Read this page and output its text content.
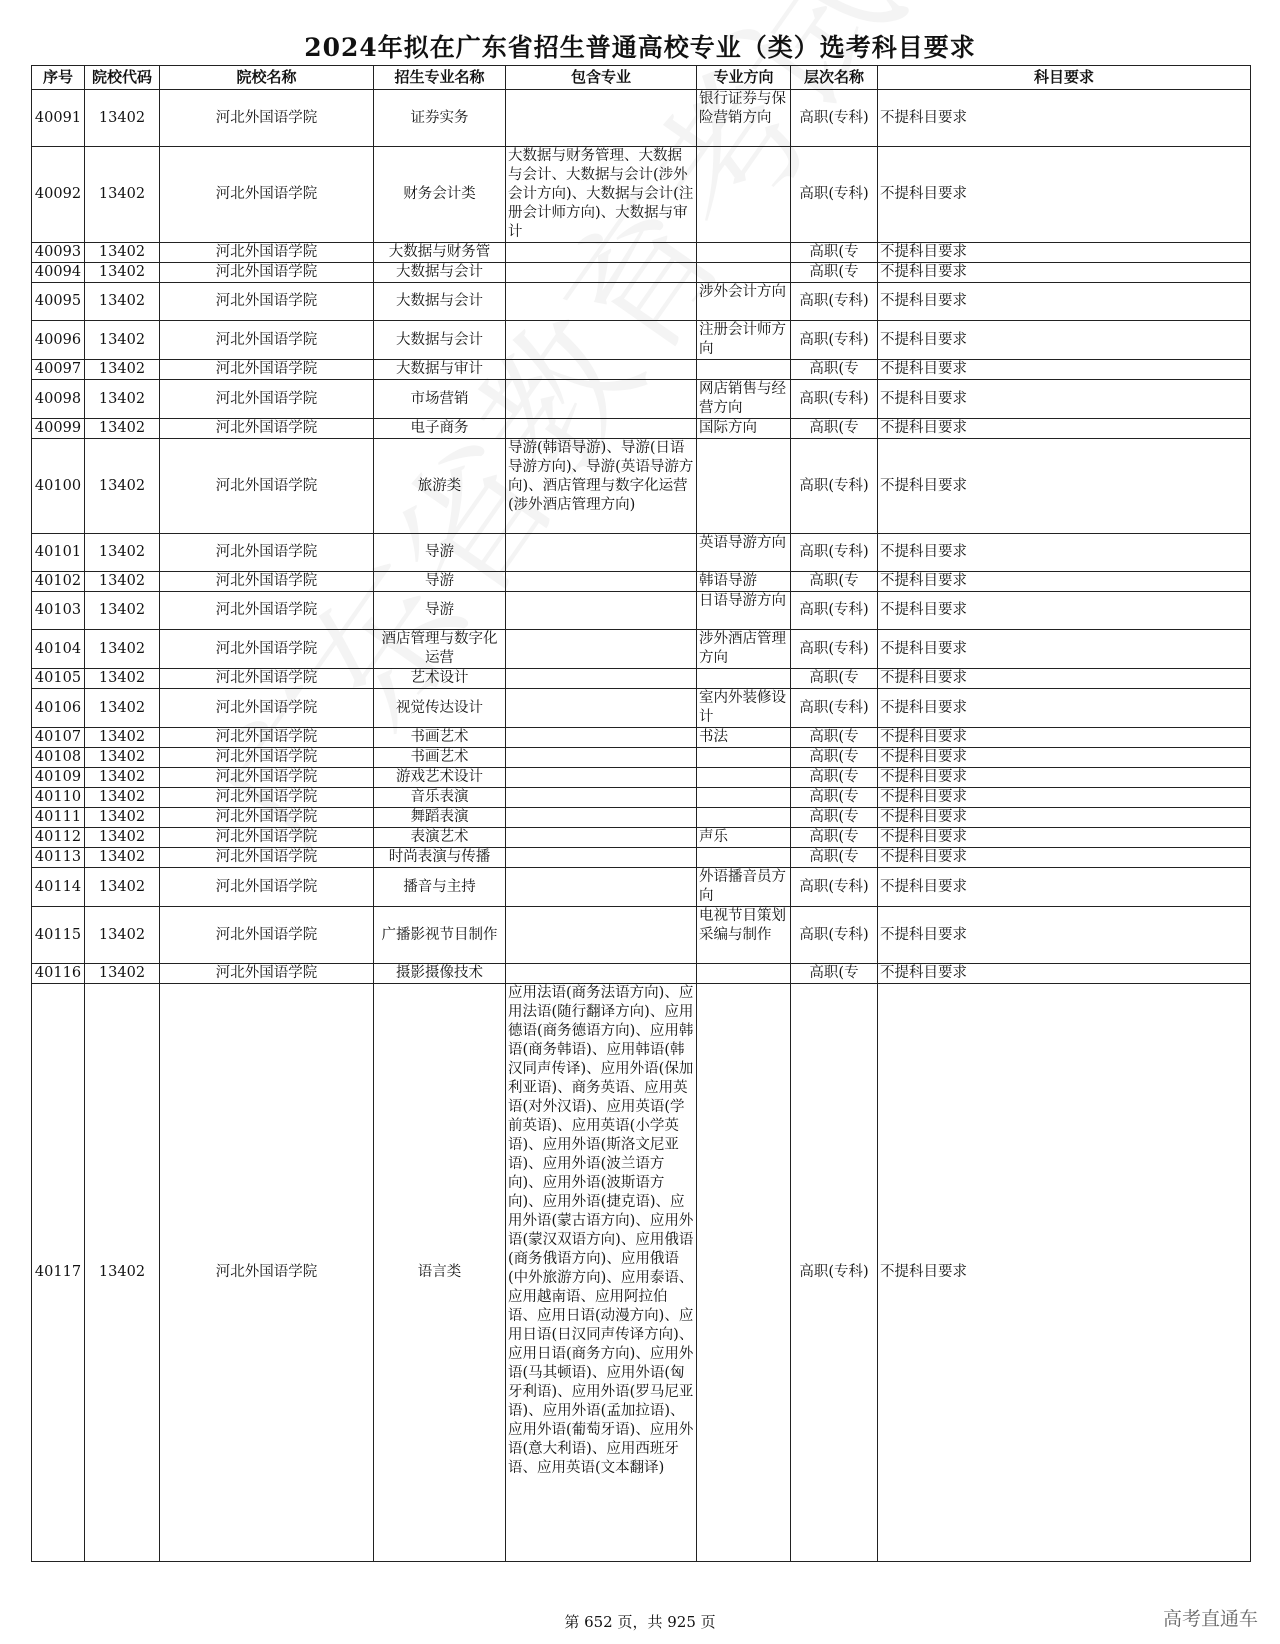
2024年拟在广东省招生普通高校专业（类）选考科目要求
序号	院校代码	院校名称	招生专业名称	包含专业	专业方向	层次名称	科目要求
40091	13402	河北外国语学院	证券实务		银行证券与保险营销方向	高职(专科)	不提科目要求
40092	13402	河北外国语学院	财务会计类	大数据与财务管理、大数据与会计、大数据与会计(涉外会计方向)、大数据与会计(注册会计师方向)、大数据与审计		高职(专科)	不提科目要求
40093	13402	河北外国语学院	大数据与财务管			高职(专	不提科目要求
40094	13402	河北外国语学院	大数据与会计			高职(专	不提科目要求
40095	13402	河北外国语学院	大数据与会计		涉外会计方向	高职(专科)	不提科目要求
40096	13402	河北外国语学院	大数据与会计		注册会计师方向	高职(专科)	不提科目要求
40097	13402	河北外国语学院	大数据与审计			高职(专	不提科目要求
40098	13402	河北外国语学院	市场营销		网店销售与经营方向	高职(专科)	不提科目要求
40099	13402	河北外国语学院	电子商务		国际方向	高职(专	不提科目要求
40100	13402	河北外国语学院	旅游类	导游(韩语导游)、导游(日语导游方向)、导游(英语导游方向)、酒店管理与数字化运营(涉外酒店管理方向)		高职(专科)	不提科目要求
40101	13402	河北外国语学院	导游		英语导游方向	高职(专科)	不提科目要求
40102	13402	河北外国语学院	导游		韩语导游	高职(专	不提科目要求
40103	13402	河北外国语学院	导游		日语导游方向	高职(专科)	不提科目要求
40104	13402	河北外国语学院	酒店管理与数字化运营		涉外酒店管理方向	高职(专科)	不提科目要求
40105	13402	河北外国语学院	艺术设计			高职(专	不提科目要求
40106	13402	河北外国语学院	视觉传达设计		室内外装修设计	高职(专科)	不提科目要求
40107	13402	河北外国语学院	书画艺术		书法	高职(专	不提科目要求
40108	13402	河北外国语学院	书画艺术			高职(专	不提科目要求
40109	13402	河北外国语学院	游戏艺术设计			高职(专	不提科目要求
40110	13402	河北外国语学院	音乐表演			高职(专	不提科目要求
40111	13402	河北外国语学院	舞蹈表演			高职(专	不提科目要求
40112	13402	河北外国语学院	表演艺术		声乐	高职(专	不提科目要求
40113	13402	河北外国语学院	时尚表演与传播			高职(专	不提科目要求
40114	13402	河北外国语学院	播音与主持		外语播音员方向	高职(专科)	不提科目要求
40115	13402	河北外国语学院	广播影视节目制作		电视节目策划采编与制作	高职(专科)	不提科目要求
40116	13402	河北外国语学院	摄影摄像技术			高职(专	不提科目要求
40117	13402	河北外国语学院	语言类	应用法语(商务法语方向)、应用法语(随行翻译方向)、应用德语(商务德语方向)、应用韩语(商务韩语)、应用韩语(韩汉同声传译)、应用外语(保加利亚语)、商务英语、应用英语(对外汉语)、应用英语(学前英语)、应用英语(小学英语)、应用外语(斯洛文尼亚语)、应用外语(波兰语方向)、应用外语(波斯语方向)、应用外语(捷克语)、应用外语(蒙古语方向)、应用外语(蒙汉双语方向)、应用俄语(商务俄语方向)、应用俄语(中外旅游方向)、应用泰语、应用越南语、应用阿拉伯语、应用日语(动漫方向)、应用日语(日汉同声传译方向)、应用日语(商务方向)、应用外语(马其顿语)、应用外语(匈牙利语)、应用外语(罗马尼亚语)、应用外语(孟加拉语)、应用外语(葡萄牙语)、应用外语(意大利语)、应用西班牙语、应用英语(文本翻译)		高职(专科)	不提科目要求
第 652 页，共 925 页	高考直通车
